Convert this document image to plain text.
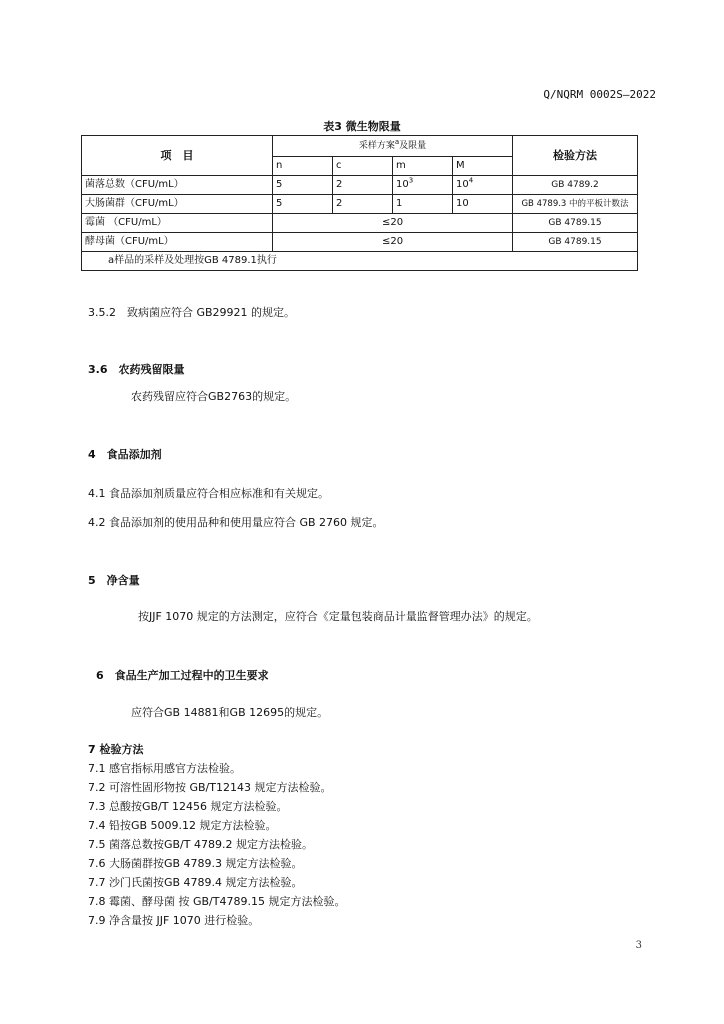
Q/NQRM 0002S—2022
表3 微生物限量
项　目	采样方案$^a$及限量				检验方法
	n	c	m	M	
菌落总数（CFU/mL）	5	2	$10^3$	$10^4$	GB 4789.2
大肠菌群（CFU/mL）	5	2	1	10	GB 4789.3 中的平板计数法
霉菌 （CFU/mL）	≤20				GB 4789.15
酵母菌（CFU/mL）	≤20				GB 4789.15
a样品的采样及处理按GB 4789.1执行					
3.5.2　致病菌应符合 GB29921 的规定。
3.6　农药残留限量
农药残留应符合GB2763的规定。
4　食品添加剂
4.1 食品添加剂质量应符合相应标准和有关规定。
4.2 食品添加剂的使用品种和使用量应符合 GB 2760 规定。
5　净含量
按JJF 1070 规定的方法测定，应符合《定量包装商品计量监督管理办法》的规定。
6　食品生产加工过程中的卫生要求
应符合GB 14881和GB 12695的规定。
7 检验方法
7.1 感官指标用感官方法检验。
7.2 可溶性固形物按 GB/T12143 规定方法检验。
7.3 总酸按GB/T 12456 规定方法检验。
7.4 铅按GB 5009.12 规定方法检验。
7.5 菌落总数按GB/T 4789.2 规定方法检验。
7.6 大肠菌群按GB 4789.3 规定方法检验。
7.7 沙门氏菌按GB 4789.4 规定方法检验。
7.8 霉菌、酵母菌 按 GB/T4789.15 规定方法检验。
7.9 净含量按 JJF 1070 进行检验。
3
